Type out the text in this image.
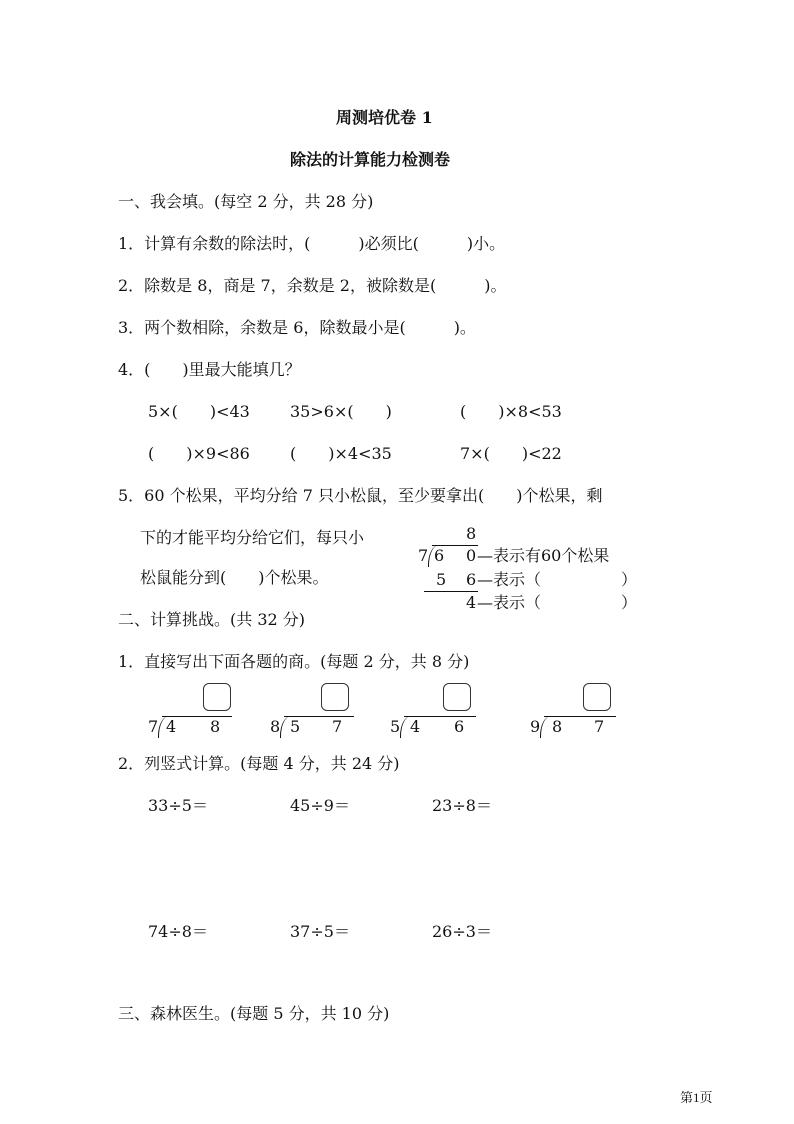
周测培优卷 1
除法的计算能力检测卷
一、我会填。(每空 2 分，共 28 分)
1．计算有余数的除法时，(　　　)必须比(　　　)小。
2．除数是 8，商是 7，余数是 2，被除数是(　　　)。
3．两个数相除，余数是 6，除数最小是(　　　)。
4．(　　)里最大能填几？
5×(　　)<43	35>6×(　　)	(　　)×8<53
(　　)×9<86	(　　)×4<35	7×(　　)<22
5．60 个松果，平均分给 7 只小松鼠，至少要拿出(　　)个松果，剩
下的才能平均分给它们，每只小
松鼠能分到(　　)个松果。
8
7 6 0 —表示有60个松果
5 6 —表示（　　　　　）
4 —表示（　　　　　）
二、计算挑战。(共 32 分)
1．直接写出下面各题的商。(每题 2 分，共 8 分)
7 4 8	8 5 7	5 4 6	9 8 7
2．列竖式计算。(每题 4 分，共 24 分)
33÷5＝	45÷9＝	23÷8＝
74÷8＝	37÷5＝	26÷3＝
三、森林医生。(每题 5 分，共 10 分)
第1页
